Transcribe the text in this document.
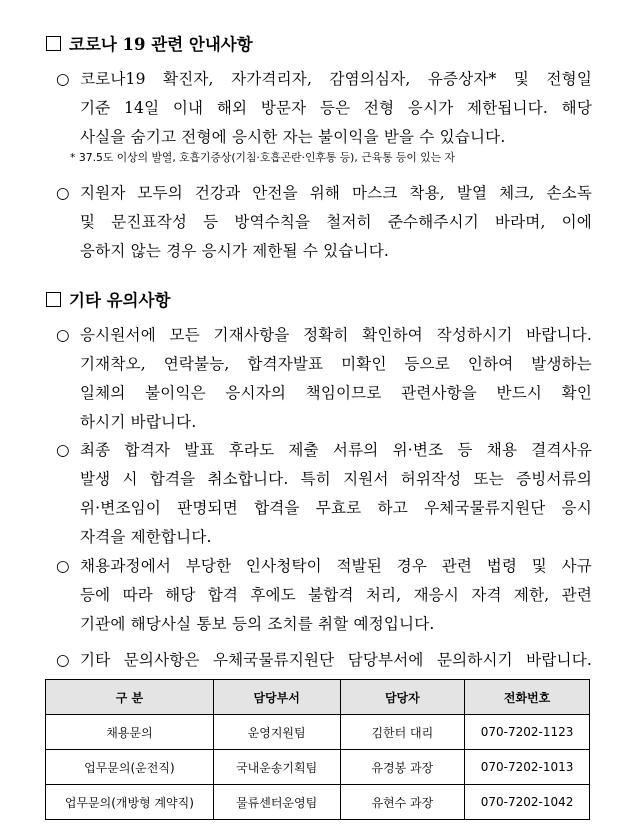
코로나 19 관련 안내사항
○ 코로나19 확진자, 자가격리자, 감염의심자, 유증상자* 및 전형일
기준 14일 이내 해외 방문자 등은 전형 응시가 제한됩니다. 해당
사실을 숨기고 전형에 응시한 자는 불이익을 받을 수 있습니다.
* 37.5도 이상의 발열, 호흡기증상(기침·호흡곤란·인후통 등), 근육통 등이 있는 자
○ 지원자 모두의 건강과 안전을 위해 마스크 착용, 발열 체크, 손소독
및 문진표작성 등 방역수칙을 철저히 준수해주시기 바라며, 이에
응하지 않는 경우 응시가 제한될 수 있습니다.
기타 유의사항
○ 응시원서에 모든 기재사항을 정확히 확인하여 작성하시기 바랍니다.
기재착오, 연락불능, 합격자발표 미확인 등으로 인하여 발생하는
일체의 불이익은 응시자의 책임이므로 관련사항을 반드시 확인
하시기 바랍니다.
○ 최종 합격자 발표 후라도 제출 서류의 위·변조 등 채용 결격사유
발생 시 합격을 취소합니다. 특히 지원서 허위작성 또는 증빙서류의
위·변조임이 판명되면 합격을 무효로 하고 우체국물류지원단 응시
자격을 제한합니다.
○ 채용과정에서 부당한 인사청탁이 적발된 경우 관련 법령 및 사규
등에 따라 해당 합격 후에도 불합격 처리, 재응시 자격 제한, 관련
기관에 해당사실 통보 등의 조치를 취할 예정입니다.
○ 기타 문의사항은 우체국물류지원단 담당부서에 문의하시기 바랍니다.
구 분	담당부서	담당자	전화번호
채용문의	운영지원팀	김한터 대리	070-7202-1123
업무문의(운전직)	국내운송기획팀	유경봉 과장	070-7202-1013
업무문의(개방형 계약직)	물류센터운영팀	유현수 과장	070-7202-1042
